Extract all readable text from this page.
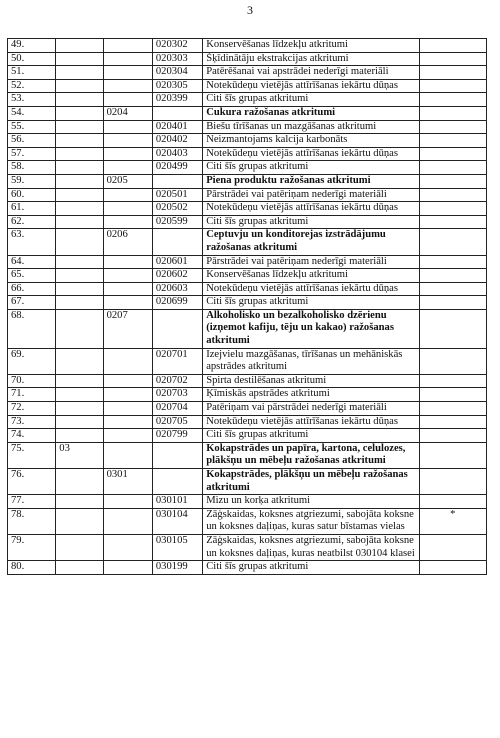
3
49.			020302	Konservēšanas līdzekļu atkritumi	
50.			020303	Šķīdinātāju ekstrakcijas atkritumi	
51.			020304	Patērēšanai vai apstrādei nederīgi materiāli	
52.			020305	Notekūdeņu vietējās attīrīšanas iekārtu dūņas	
53.			020399	Citi šīs grupas atkritumi	
54.		0204		Cukura ražošanas atkritumi	
55.			020401	Biešu tīrīšanas un mazgāšanas atkritumi	
56.			020402	Neizmantojams kalcija karbonāts	
57.			020403	Notekūdeņu vietējās attīrīšanas iekārtu dūņas	
58.			020499	Citi šīs grupas atkritumi	
59.		0205		Piena produktu ražošanas atkritumi	
60.			020501	Pārstrādei vai patēriņam nederīgi materiāli	
61.			020502	Notekūdeņu vietējās attīrīšanas iekārtu dūņas	
62.			020599	Citi šīs grupas atkritumi	
63.		0206		Ceptuvju un konditorejas izstrādājumu ražošanas atkritumi	
64.			020601	Pārstrādei vai patēriņam nederīgi materiāli	
65.			020602	Konservēšanas līdzekļu atkritumi	
66.			020603	Notekūdeņu vietējās attīrīšanas iekārtu dūņas	
67.			020699	Citi šīs grupas atkritumi	
68.		0207		Alkoholisko un bezalkoholisko dzērienu (izņemot kafiju, tēju un kakao) ražošanas atkritumi	
69.			020701	Izejvielu mazgāšanas, tīrīšanas un mehāniskās apstrādes atkritumi	
70.			020702	Spirta destilēšanas atkritumi	
71.			020703	Ķīmiskās apstrādes atkritumi	
72.			020704	Patēriņam vai pārstrādei nederīgi materiāli	
73.			020705	Notekūdeņu vietējās attīrīšanas iekārtu dūņas	
74.			020799	Citi šīs grupas atkritumi	
75.	03			Kokapstrādes un papīra, kartona, celulozes, plākšņu un mēbeļu ražošanas atkritumi	
76.		0301		Kokapstrādes, plākšņu un mēbeļu ražošanas atkritumi	
77.			030101	Mizu un korķa atkritumi	
78.			030104	Zāģskaidas, koksnes atgriezumi, sabojāta koksne un koksnes daļiņas, kuras satur bīstamas vielas	*
79.			030105	Zāģskaidas, koksnes atgriezumi, sabojāta koksne un koksnes daļiņas, kuras neatbilst 030104 klasei	
80.			030199	Citi šīs grupas atkritumi	
